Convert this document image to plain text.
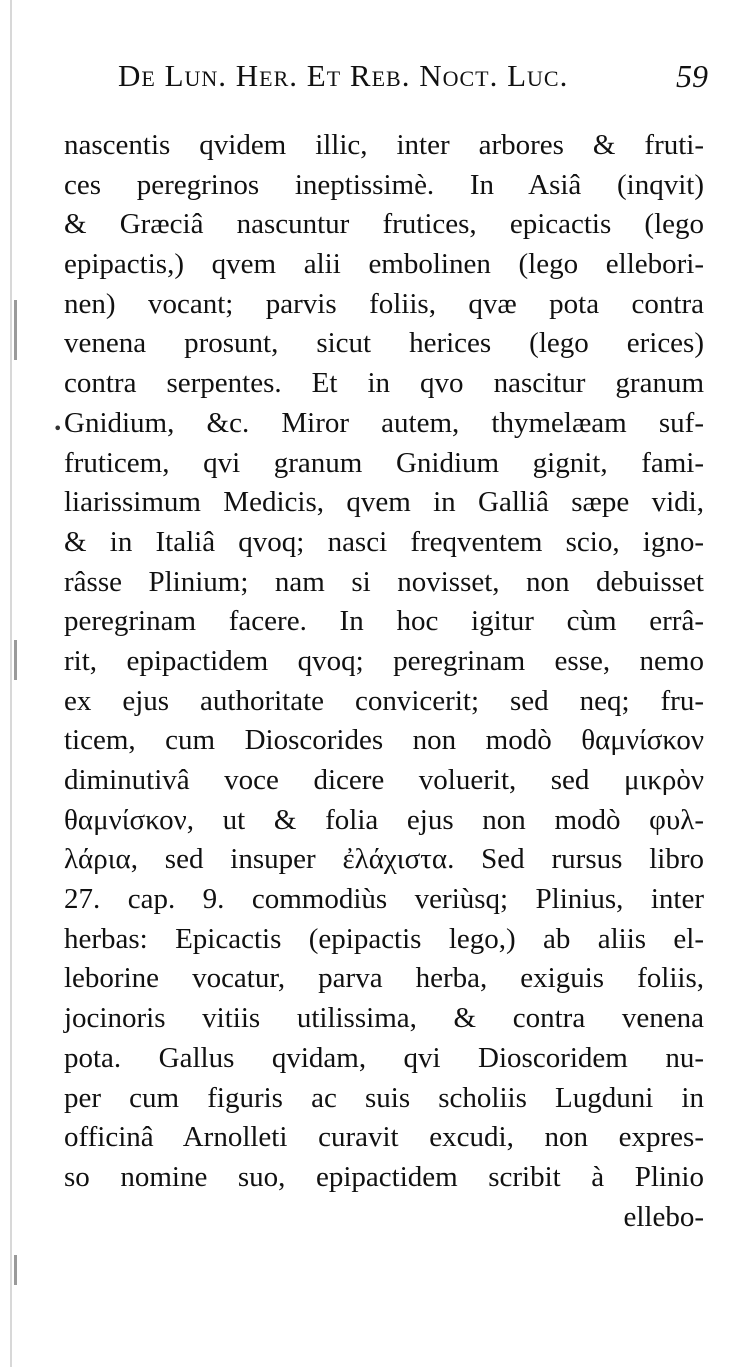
De Lun. Her. Et Reb. Noct. Luc.	59
•
nascentis qvidem illic, inter arbores & fruti-
ces peregrinos ineptissimè. In Asiâ (inqvit)
& Græciâ nascuntur frutices, epicactis (lego
epipactis,) qvem alii embolinen (lego ellebori-
nen) vocant; parvis foliis, qvæ pota contra
venena prosunt, sicut herices (lego erices)
contra serpentes. Et in qvo nascitur granum
Gnidium, &c. Miror autem, thymelæam suf-
fruticem, qvi granum Gnidium gignit, fami-
liarissimum Medicis, qvem in Galliâ sæpe vidi,
& in Italiâ qvoq; nasci freqventem scio, igno-
râsse Plinium; nam si novisset, non debuisset
peregrinam facere. In hoc igitur cùm errâ-
rit, epipactidem qvoq; peregrinam esse, nemo
ex ejus authoritate convicerit; sed neq; fru-
ticem, cum Dioscorides non modò θαμνίσκον
diminutivâ voce dicere voluerit, sed μικρὸν
θαμνίσκον, ut & folia ejus non modò φυλ-
λάρια, sed insuper ἐλάχιστα. Sed rursus libro
27. cap. 9. commodiùs veriùsq; Plinius, inter
herbas: Epicactis (epipactis lego,) ab aliis el-
leborine vocatur, parva herba, exiguis foliis,
jocinoris vitiis utilissima, & contra venena
pota. Gallus qvidam, qvi Dioscoridem nu-
per cum figuris ac suis scholiis Lugduni in
officinâ Arnolleti curavit excudi, non expres-
so nomine suo, epipactidem scribit à Plinio
ellebo-
